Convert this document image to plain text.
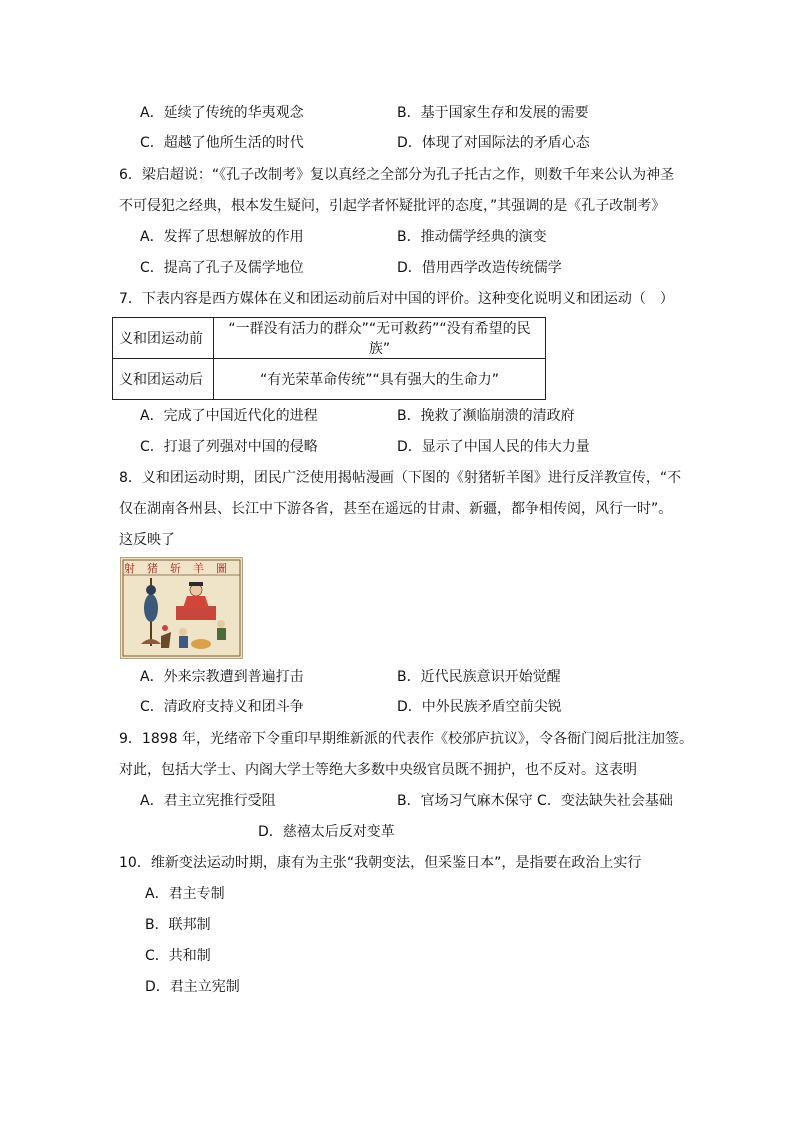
A．延续了传统的华夷观念	B．基于国家生存和发展的需要
C．超越了他所生活的时代	D．体现了对国际法的矛盾心态
6．梁启超说：“《孔子改制考》复以真经之全部分为孔子托古之作，则数千年来公认为神圣
不可侵犯之经典，根本发生疑问，引起学者怀疑批评的态度，”其强调的是《孔子改制考》
A．发挥了思想解放的作用	B．推动儒学经典的演变
C．提高了孔子及儒学地位	D．借用西学改造传统儒学
7．下表内容是西方媒体在义和团运动前后对中国的评价。这种变化说明义和团运动（　）
义和团运动前	“一群没有活力的群众”“无可救药”“没有希望的民族”
义和团运动后	“有光荣革命传统”“具有强大的生命力”
A．完成了中国近代化的进程	B．挽救了濒临崩溃的清政府
C．打退了列强对中国的侵略	D．显示了中国人民的伟大力量
8．义和团运动时期，团民广泛使用揭帖漫画（下图的《射猪斩羊图》进行反洋教宣传，“不
仅在湖南各州县、长江中下游各省，甚至在遥远的甘肃、新疆，都争相传阅，风行一时”。
这反映了
射猪斩羊圖
A．外来宗教遭到普遍打击	B．近代民族意识开始觉醒
C．清政府支持义和团斗争	D．中外民族矛盾空前尖锐
9．1898 年，光绪帝下令重印早期维新派的代表作《校邠庐抗议》，令各衙门阅后批注加签。
对此，包括大学士、内阁大学士等绝大多数中央级官员既不拥护，也不反对。这表明
A．君主立宪推行受阻	B．官场习气麻木保守 C．变法缺失社会基础
D．慈禧太后反对变革
10．维新变法运动时期，康有为主张“我朝变法，但采鉴日本”，是指要在政治上实行
A．君主专制
B．联邦制
C．共和制
D．君主立宪制
